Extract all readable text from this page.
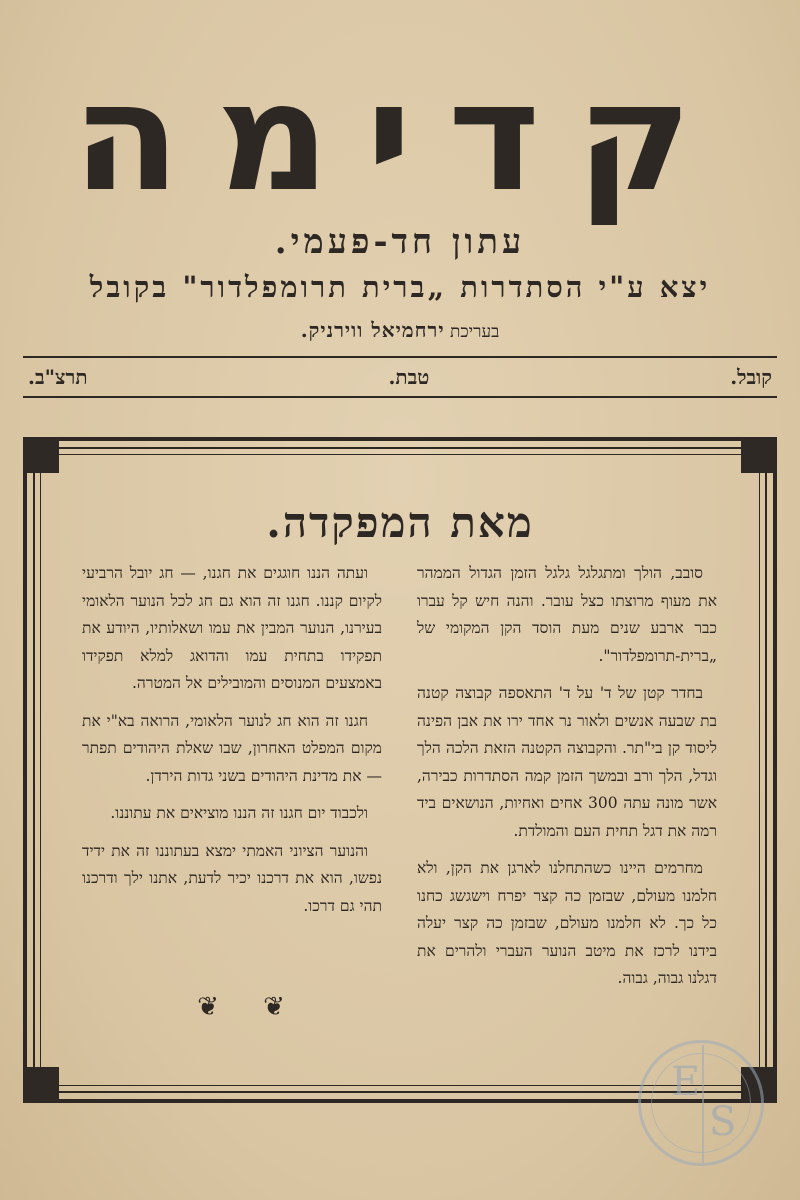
קדימה
עתון חד-פעמי.
יצא ע"י הסתדרות „ברית תרומפלדור" בקובל
בעריכת ירחמיאל ווירניק.
קובל.
טבת.
תרצ"ב.
מאת המפקדה.

סובב, הולך ומתגלגל גלגל הזמן הגדול הממהר את מעוף מרוצתו כצל עובר. והנה חיש קל עברו כבר ארבע שנים מעת הוסד הקן המקומי של „ברית-תרומפלדור".

בחדר קטן של ד' על ד' התאספה קבוצה קטנה בת שבעה אנשים ולאור נר אחד ירו את אבן הפינה ליסוד קן בי"תר. והקבוצה הקטנה הזאת הלכה הלך וגדל, הלך ורב ובמשך הזמן קמה הסתדרות כבירה, אשר מונה עתה 300 אחים ואחיות, הנושאים ביד רמה את דגל תחית העם והמולדת.

מחרמים היינו כשהתחלנו לארגן את הקן, ולא חלמנו מעולם, שבזמן כה קצר יפרח וישגשג כחנו כל כך. לא חלמנו מעולם, שבזמן כה קצר יעלה בידנו לרכז את מיטב הנוער העברי ולהרים את דגלנו גבוה, גבוה.

ועתה הננו חוגגים את חגנו, — חג יובל הרביעי לקיום קננו. חגנו זה הוא גם חג לכל הנוער הלאומי בעירנו, הנוער המבין את עמו ושאלותיו, היודע את תפקידו בתחית עמו והדואג למלא תפקידו באמצעים המנוסים והמובילים אל המטרה.

חגנו זה הוא חג לנוער הלאומי, הרואה בא"י את מקום המפלט האחרון, שבו שאלת היהודים תפתר — את מדינת היהודים בשני גדות הירדן.

ולכבוד יום חגנו זה הננו מוציאים את עתוננו.

והנוער הציוני האמתי ימצא בעתוננו זה את ידיד נפשו, הוא את דרכנו יכיר לדעת, אתנו ילך ודרכנו תהי גם דרכו.

❦ ❦
E
S
